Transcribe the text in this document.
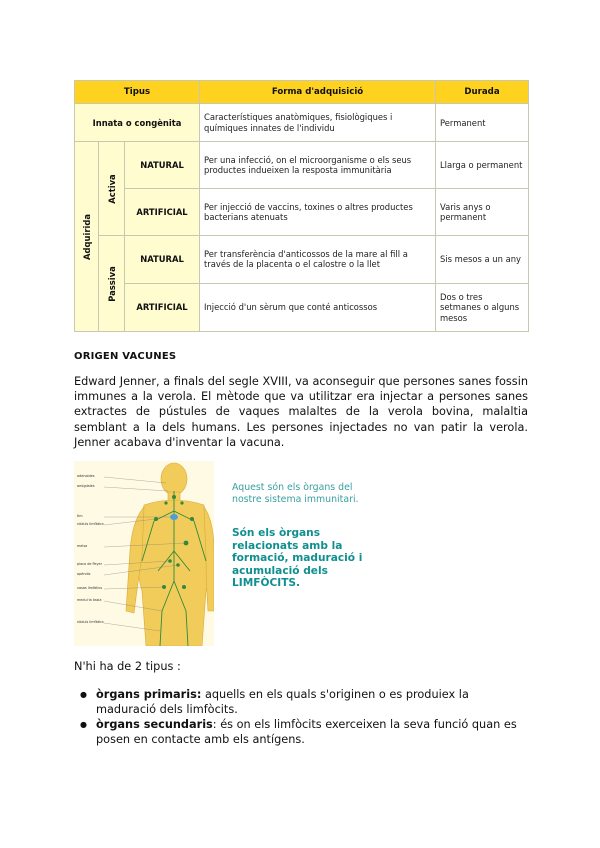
Tipus			Forma d'adquisició	Durada
Innata o congènita			Característiques anatòmiques, fisiològiques i químiques innates de l'individu	Permanent

Adquirida	Activa	NATURAL	Per una infecció, on el microorganisme o els seus productes indueixen la resposta immunitària	Llarga o permanent
		ARTIFICIAL	Per injecció de vaccins, toxines o altres productes bacterians atenuats	Varis anys o permanent

	Passiva	NATURAL	Per transferència d'anticossos de la mare al fill a través de la placenta o el calostre o la llet	Sis mesos a un any
		ARTIFICIAL	Injecció d'un sèrum que conté anticossos	Dos o tres setmanes o alguns mesos
ORIGEN VACUNES

Edward Jenner, a finals del segle XVIII, va aconseguir que persones sanes fossin immunes a la verola. El mètode que va utilitzar era injectar a persones sanes extractes de pústules de vaques malaltes de la verola bovina, malaltia semblant a la dels humans. Les persones injectades no van patir la verola. Jenner acabava d'inventar la vacuna.

adenoides
amígdales
tim
nòduls limfàtics
melsa
placa de Peyer
apèndix
vasos limfàtics
medul·la òssia
nòduls limfàtics

Aquest són els òrgans del nostre sistema immunitari.

Són els òrgans relacionats amb la formació, maduració i acumulació dels LIMFÒCITS.

N'hi ha de 2 tipus :
● òrgans primaris: aquells en els quals s'originen o es produiex la maduració dels limfòcits.
● òrgans secundaris: és on els limfòcits exerceixen la seva funció quan es posen en contacte amb els antígens.
